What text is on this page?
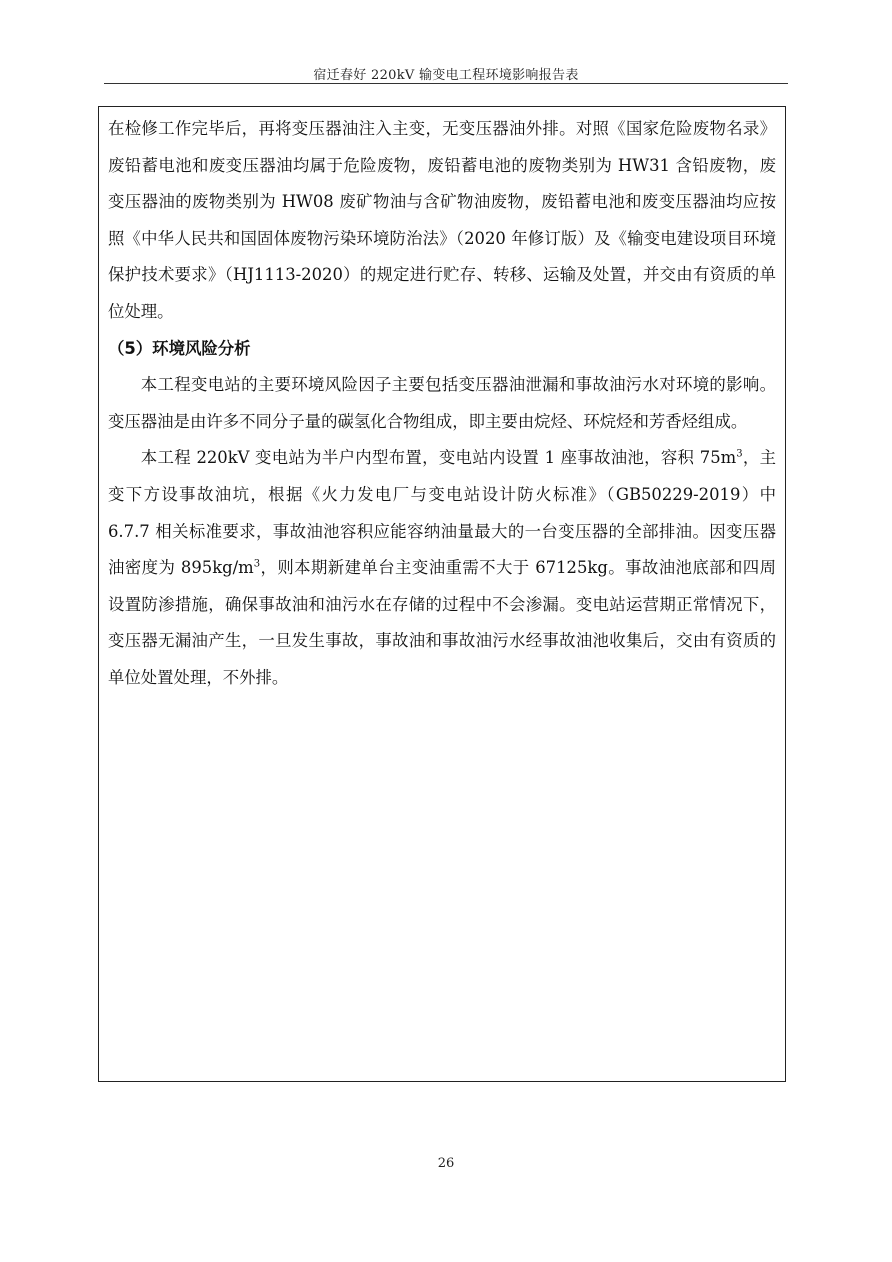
宿迁春好 220kV 输变电工程环境影响报告表

在检修工作完毕后，再将变压器油注入主变，无变压器油外排。对照《国家危险废物名录》废铅蓄电池和废变压器油均属于危险废物，废铅蓄电池的废物类别为 HW31 含铅废物，废变压器油的废物类别为 HW08 废矿物油与含矿物油废物，废铅蓄电池和废变压器油均应按照《中华人民共和国固体废物污染环境防治法》（2020 年修订版）及《输变电建设项目环境保护技术要求》（HJ1113-2020）的规定进行贮存、转移、运输及处置，并交由有资质的单位处理。

（5）环境风险分析

本工程变电站的主要环境风险因子主要包括变压器油泄漏和事故油污水对环境的影响。变压器油是由许多不同分子量的碳氢化合物组成，即主要由烷烃、环烷烃和芳香烃组成。

本工程 220kV 变电站为半户内型布置，变电站内设置 1 座事故油池，容积 $75m^3$，主变下方设事故油坑，根据《火力发电厂与变电站设计防火标准》（GB50229-2019）中 6.7.7 相关标准要求，事故油池容积应能容纳油量最大的一台变压器的全部排油。因变压器油密度为 $895kg/m^3$，则本期新建单台主变油重需不大于 67125kg。事故油池底部和四周设置防渗措施，确保事故油和油污水在存储的过程中不会渗漏。变电站运营期正常情况下，变压器无漏油产生，一旦发生事故，事故油和事故油污水经事故油池收集后，交由有资质的单位处置处理，不外排。

26
